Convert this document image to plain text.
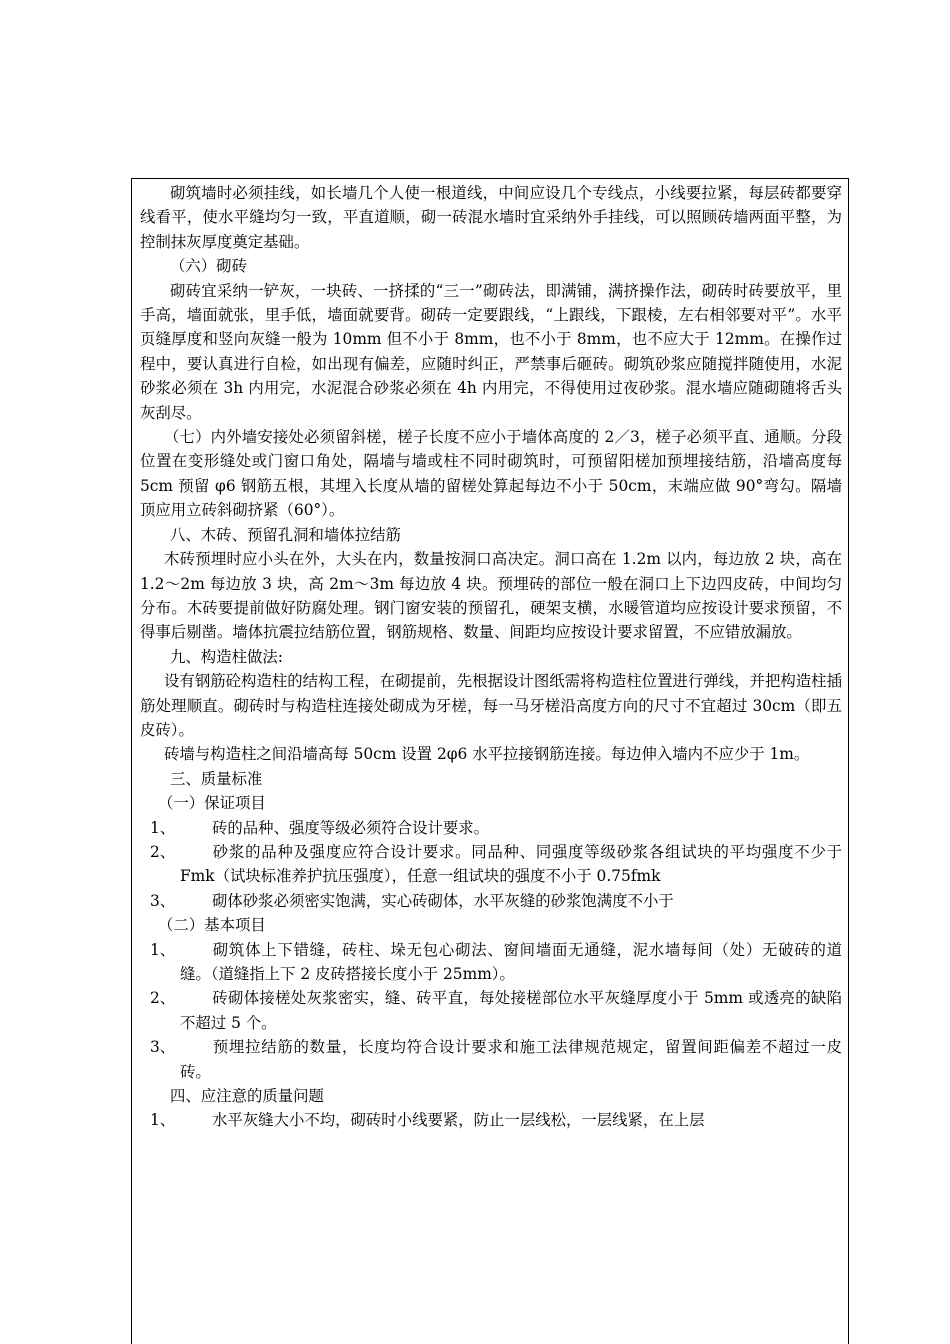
砌筑墙时必须挂线，如长墙几个人使一根道线，中间应设几个专线点，小线要拉紧，每层砖都要穿线看平，使水平缝均匀一致，平直道顺，砌一砖混水墙时宜采纳外手挂线，可以照顾砖墙两面平整，为控制抹灰厚度奠定基础。

（六）砌砖

砌砖宜采纳一铲灰，一块砖、一挤揉的“三一”砌砖法，即满铺，满挤操作法，砌砖时砖要放平，里手高，墙面就张，里手低，墙面就要背。砌砖一定要跟线，“上跟线，下跟棱，左右相邻要对平”。水平页缝厚度和竖向灰缝一般为 10mm 但不小于 8mm，也不小于 8mm，也不应大于 12mm。在操作过程中，要认真进行自检，如出现有偏差，应随时纠正，严禁事后砸砖。砌筑砂浆应随搅拌随使用，水泥砂浆必须在 3h 内用完，水泥混合砂浆必须在 4h 内用完，不得使用过夜砂浆。混水墙应随砌随将舌头灰刮尽。

（七）内外墙安接处必须留斜槎，槎子长度不应小于墙体高度的 2／3，槎子必须平直、通顺。分段位置在变形缝处或门窗口角处，隔墙与墙或柱不同时砌筑时，可预留阳槎加预埋接结筋，沿墙高度每 5cm 预留 φ6 钢筋五根，其埋入长度从墙的留槎处算起每边不小于 50cm，末端应做 90°弯勾。隔墙顶应用立砖斜砌挤紧（60°）。

八、木砖、预留孔洞和墙体拉结筋

木砖预埋时应小头在外，大头在内，数量按洞口高决定。洞口高在 1.2m 以内，每边放 2 块，高在 1.2～2m 每边放 3 块，高 2m～3m 每边放 4 块。预埋砖的部位一般在洞口上下边四皮砖，中间均匀分布。木砖要提前做好防腐处理。钢门窗安装的预留孔，硬架支横，水暖管道均应按设计要求预留，不得事后剔凿。墙体抗震拉结筋位置，钢筋规格、数量、间距均应按设计要求留置，不应错放漏放。

九、构造柱做法:

设有钢筋砼构造柱的结构工程，在砌提前，先根据设计图纸需将构造柱位置进行弹线，并把构造柱插筋处理顺直。砌砖时与构造柱连接处砌成为牙槎，每一马牙槎沿高度方向的尺寸不宜超过 30cm（即五皮砖）。

砖墙与构造柱之间沿墙高每 50cm 设置 2φ6 水平拉接钢筋连接。每边伸入墙内不应少于 1m。

三、质量标准

（一）保证项目

1、 砖的品种、强度等级必须符合设计要求。

2、 砂浆的品种及强度应符合设计要求。同品种、同强度等级砂浆各组试块的平均强度不少于 Fmk（试块标准养护抗压强度），任意一组试块的强度不小于 0.75fmk

3、 砌体砂浆必须密实饱满，实心砖砌体，水平灰缝的砂浆饱满度不小于

（二）基本项目

1、 砌筑体上下错缝，砖柱、垛无包心砌法、窗间墙面无通缝，泥水墙每间（处）无破砖的道缝。（道缝指上下 2 皮砖搭接长度小于 25mm）。

2、 砖砌体接槎处灰浆密实，缝、砖平直，每处接槎部位水平灰缝厚度小于 5mm 或透亮的缺陷不超过 5 个。

3、 预埋拉结筋的数量，长度均符合设计要求和施工法律规范规定，留置间距偏差不超过一皮砖。

四、应注意的质量问题

1、 水平灰缝大小不均，砌砖时小线要紧，防止一层线松，一层线紧，在上层
